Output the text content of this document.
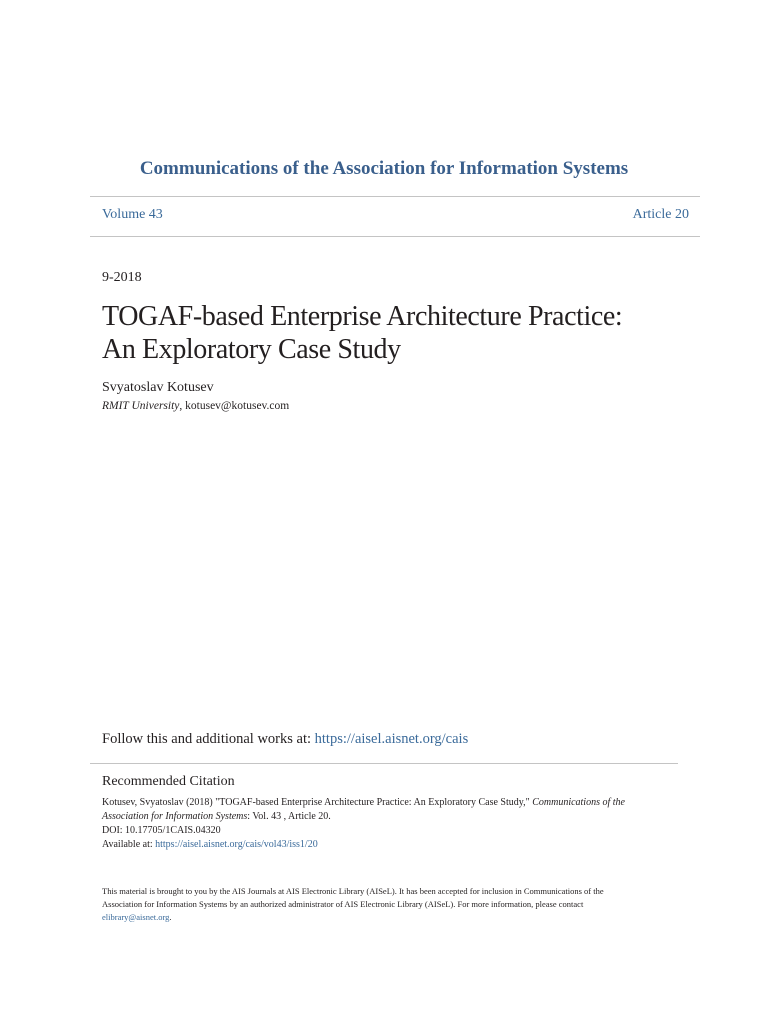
Communications of the Association for Information Systems
Volume 43	Article 20
9-2018
TOGAF-based Enterprise Architecture Practice:
An Exploratory Case Study
Svyatoslav Kotusev
RMIT University, kotusev@kotusev.com
Follow this and additional works at: https://aisel.aisnet.org/cais
Recommended Citation
Kotusev, Svyatoslav (2018) "TOGAF-based Enterprise Architecture Practice: An Exploratory Case Study," Communications of the
Association for Information Systems: Vol. 43 , Article 20.
DOI: 10.17705/1CAIS.04320
Available at: https://aisel.aisnet.org/cais/vol43/iss1/20
This material is brought to you by the AIS Journals at AIS Electronic Library (AISeL). It has been accepted for inclusion in Communications of the
Association for Information Systems by an authorized administrator of AIS Electronic Library (AISeL). For more information, please contact
elibrary@aisnet.org.
